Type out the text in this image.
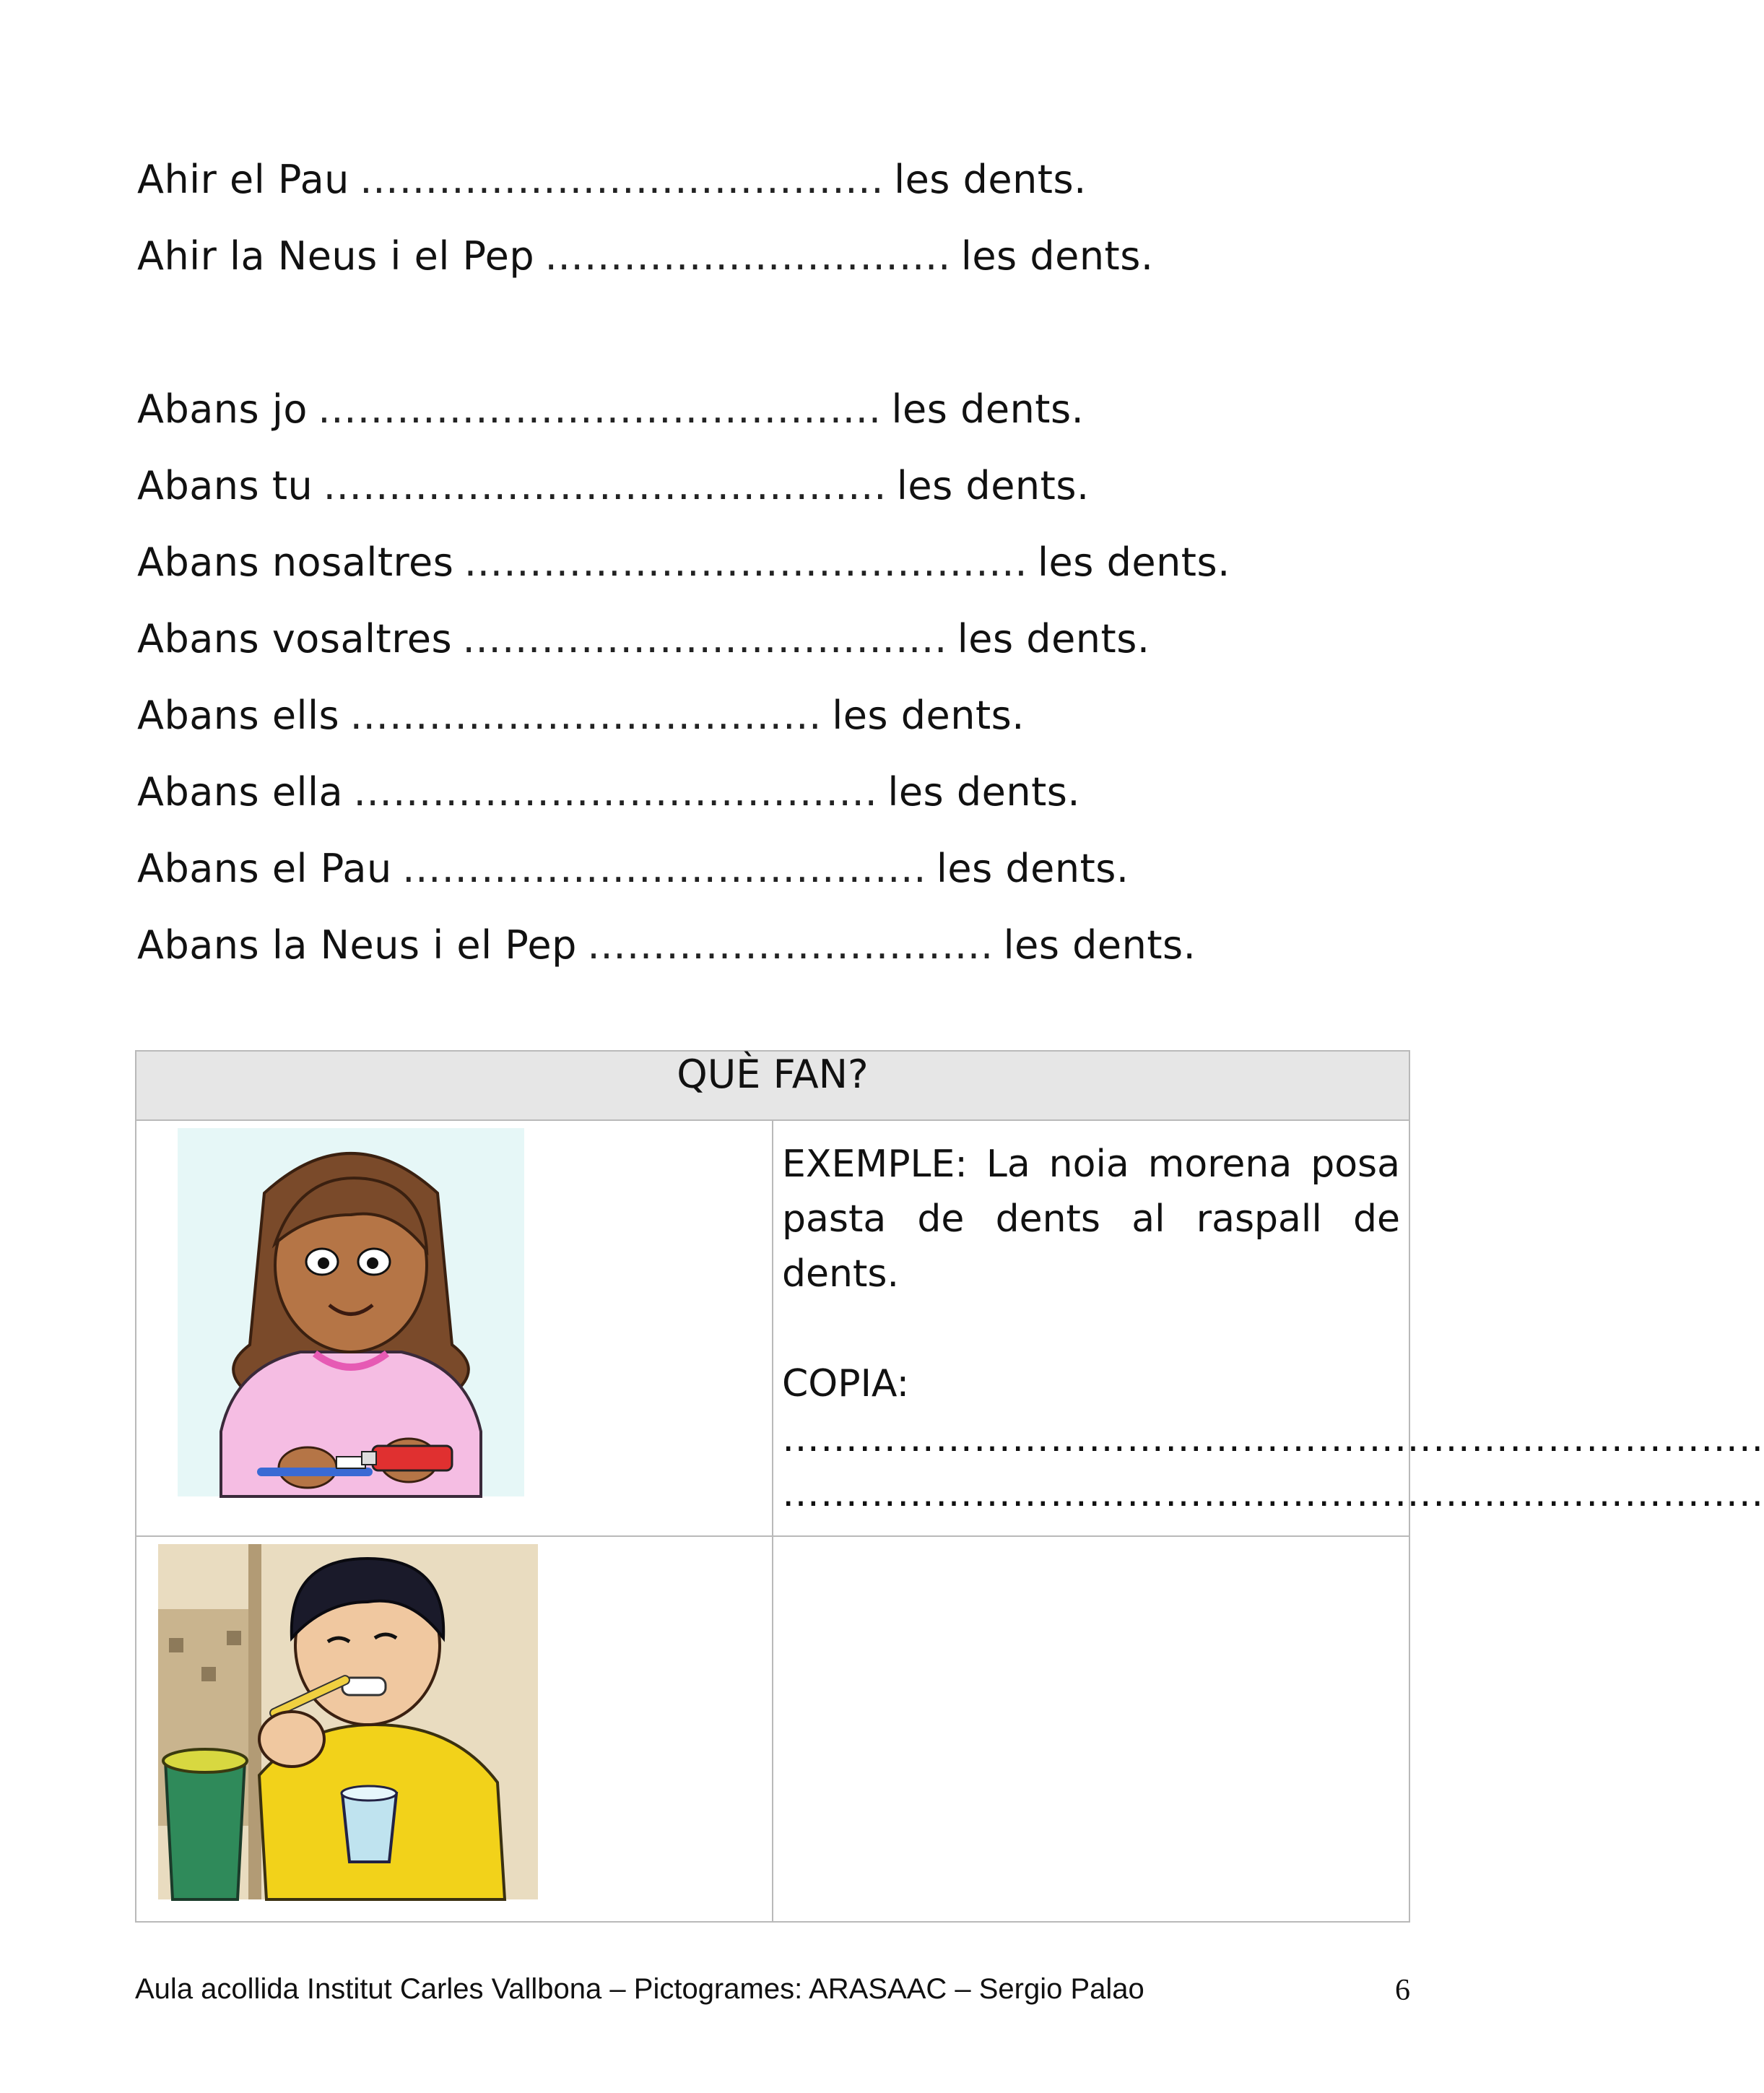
Ahir el Pau …………………………………. les dents.
Ahir la Neus i el Pep …………………………. les dents.
Abans jo ……………………………………. les dents.
Abans tu ……………………………………. les dents.
Abans nosaltres ……………………………………. les dents.
Abans vosaltres ………………………………. les dents.
Abans ells ……………………………… les dents.
Abans ella …………………………………. les dents.
Abans el Pau …………………………………. les dents.
Abans la Neus i el Pep …………………………. les dents.
QUÈ FAN?	

EXEMPLE: La noia morena posa pasta de dents al raspall de dents.
COPIA:
…………………………………………………………………..
…………………………………………………………………..

Aula acollida Institut Carles Vallbona – Pictogrames: ARASAAC – Sergio Palao	6
